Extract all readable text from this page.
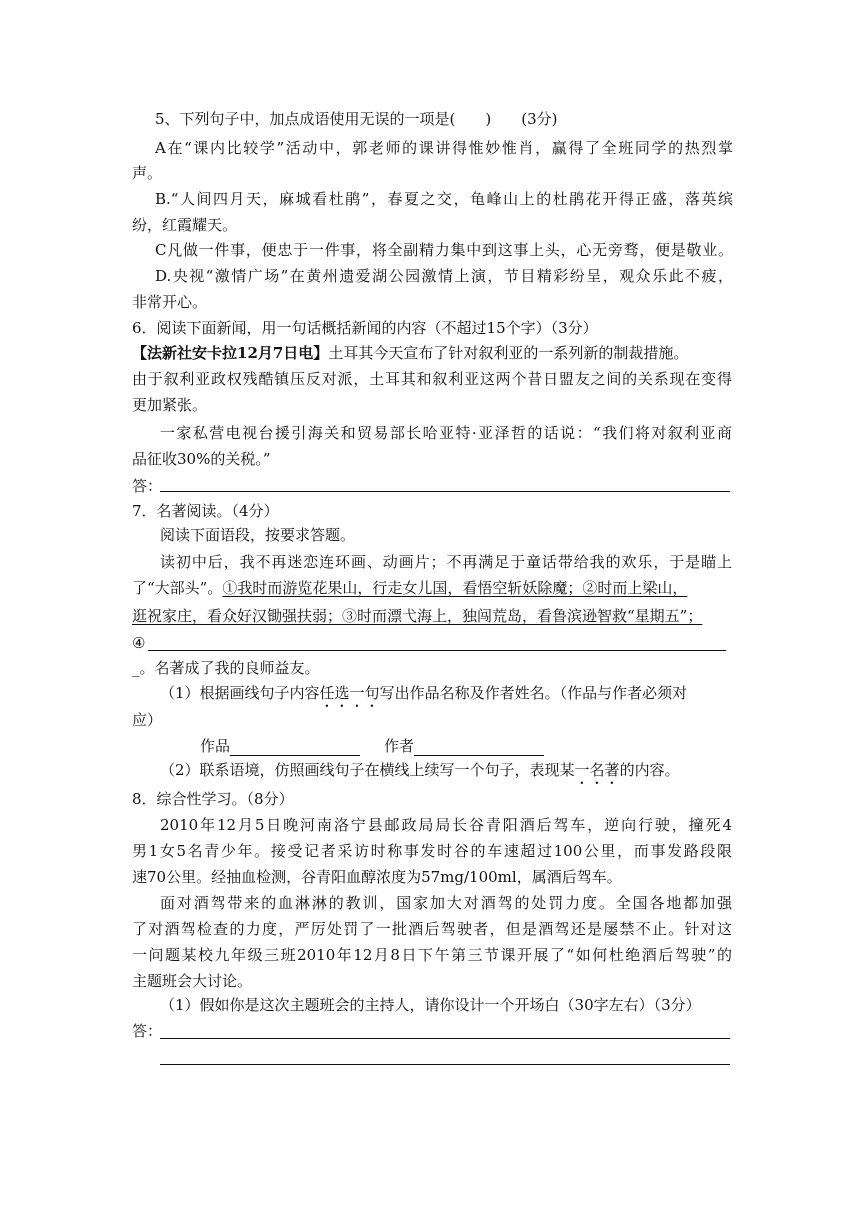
5、下列句子中，加点成语使用无误的一项是(　　)　　(3分)
A在“课内比较学”活动中，郭老师的课讲得惟妙惟肖，赢得了全班同学的热烈掌
声。
B.“人间四月天，麻城看杜鹃”，春夏之交，龟峰山上的杜鹃花开得正盛，落英缤
纷，红霞耀天。
C凡做一件事，便忠于一件事，将全副精力集中到这事上头，心无旁骛，便是敬业。
D.央视“激情广场”在黄州遗爱湖公园激情上演，节目精彩纷呈，观众乐此不疲，
非常开心。
6．阅读下面新闻，用一句话概括新闻的内容（不超过15个字）（3分）
【法新社安卡拉12月7日电】土耳其今天宣布了针对叙利亚的一系列新的制裁措施。
由于叙利亚政权残酷镇压反对派，土耳其和叙利亚这两个昔日盟友之间的关系现在变得
更加紧张。
一家私营电视台援引海关和贸易部长哈亚特·亚泽哲的话说：“我们将对叙利亚商
品征收30%的关税。”
答：
7．名著阅读。（4分）
阅读下面语段，按要求答题。
读初中后，我不再迷恋连环画、动画片；不再满足于童话带给我的欢乐，于是瞄上
了“大部头”。①我时而游览花果山，行走女儿国，看悟空斩妖除魔；②时而上梁山，
逛祝家庄，看众好汉锄强扶弱；③时而漂弋海上，独闯荒岛，看鲁滨逊智救“星期五”；
④
_。名著成了我的良师益友。
（1）根据画线句子内容任选一句写出作品名称及作者姓名。（作品与作者必须对
应）
作品	作者
（2）联系语境，仿照画线句子在横线上续写一个句子，表现某一名著的内容。
8．综合性学习。（8分）
2010年12月5日晚河南洛宁县邮政局局长谷青阳酒后驾车，逆向行驶，撞死4
男1女5名青少年。接受记者采访时称事发时谷的车速超过100公里，而事发路段限
速70公里。经抽血检测，谷青阳血醇浓度为57mg/100ml，属酒后驾车。
面对酒驾带来的血淋淋的教训，国家加大对酒驾的处罚力度。全国各地都加强
了对酒驾检查的力度，严厉处罚了一批酒后驾驶者，但是酒驾还是屡禁不止。针对这
一问题某校九年级三班2010年12月8日下午第三节课开展了“如何杜绝酒后驾驶”的
主题班会大讨论。
（1）假如你是这次主题班会的主持人，请你设计一个开场白（30字左右）（3分）
答：
